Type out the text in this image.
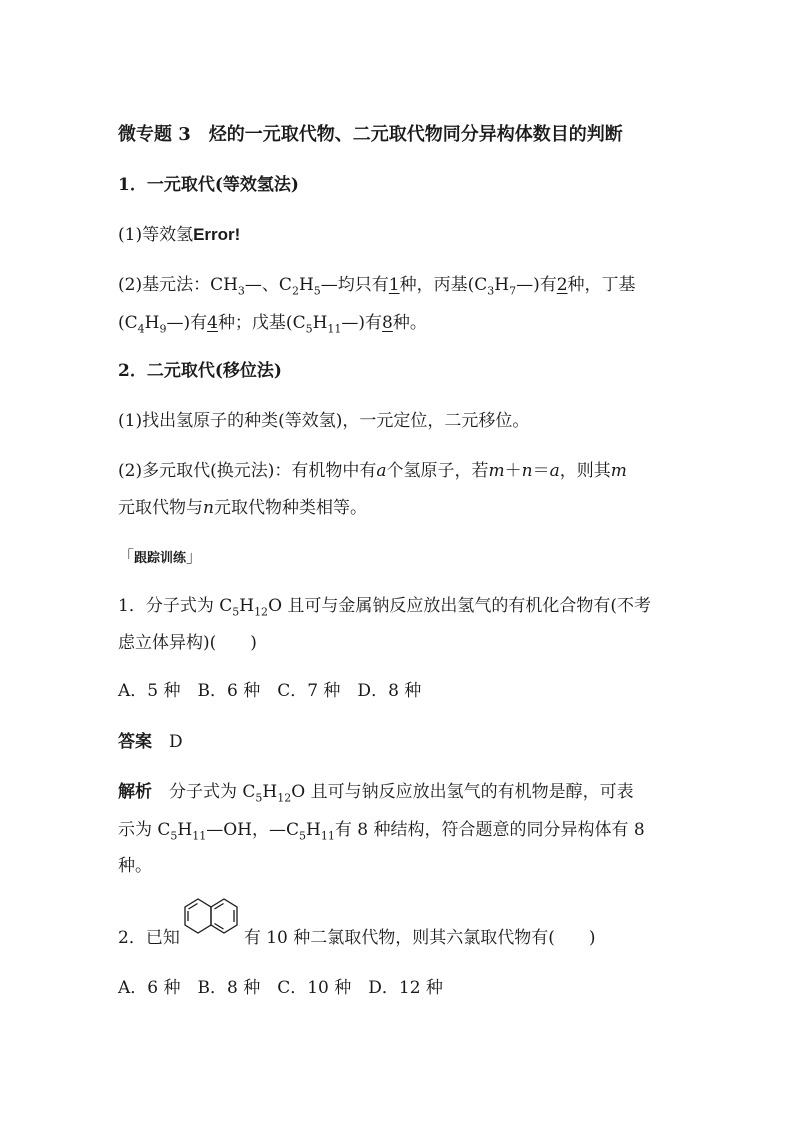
微专题 3　烃的一元取代物、二元取代物同分异构体数目的判断
1．一元取代(等效氢法)
(1)等效氢Error!
(2)基元法：$CH_3—$、$C_2H_5—$均只有1种，丙基$(C_3H_7—)$有2种，丁基
$(C_4H_9—)$有4种；戊基$(C_5H_{11}—)$有8种。
2．二元取代(移位法)
(1)找出氢原子的种类(等效氢)，一元定位，二元移位。
(2)多元取代(换元法)：有机物中有a个氢原子，若m＋n＝a，则其m
元取代物与n元取代物种类相等。
「跟踪训练」
1．分子式为 $C_5H_{12}O$ 且可与金属钠反应放出氢气的有机化合物有(不考
虑立体异构)(　　)
A．5 种　B．6 种　C．7 种　D．8 种
答案　 D
解析　 分子式为 $C_5H_{12}O$ 且可与钠反应放出氢气的有机物是醇，可表
示为 $C_5H_{11}—OH$，$—C_5H_{11}$有 8 种结构，符合题意的同分异构体有 8
种。
2．已知	有 10 种二氯取代物，则其六氯取代物有(　　)
A．6 种　B．8 种　C．10 种　D．12 种
